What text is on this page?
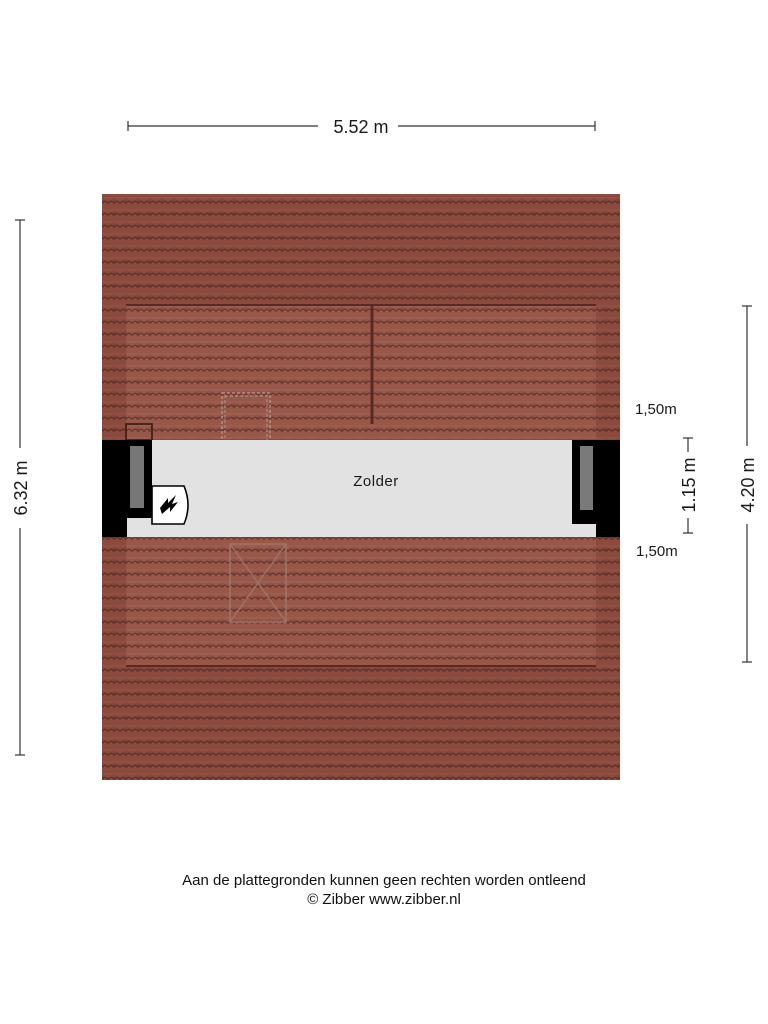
5.52 m
6.32 m	4.20 m
1.15 m
1,50m
1,50m
Zolder
Aan de plattegronden kunnen geen rechten worden ontleend
© Zibber www.zibber.nl
